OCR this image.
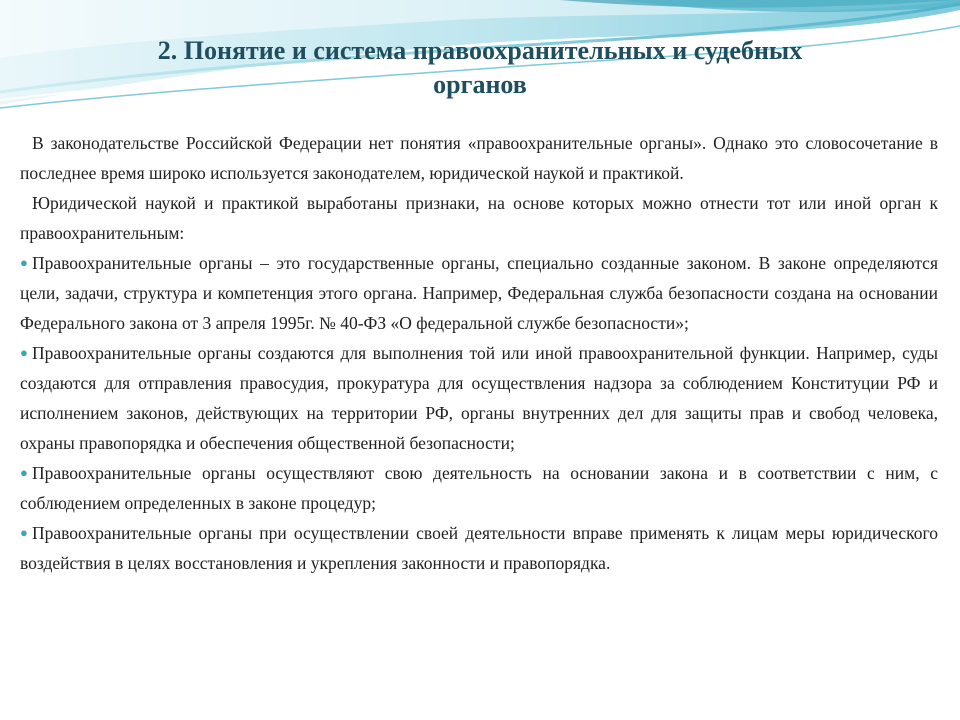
2. Понятие и система правоохранительных и судебных
органов

В законодательстве Российской Федерации нет понятия «правоохранительные органы». Однако это словосочетание в последнее время широко используется законодателем, юридической наукой и практикой.

Юридической наукой и практикой выработаны признаки, на основе которых можно отнести тот или иной орган к правоохранительным:

● Правоохранительные органы – это государственные органы, специально созданные законом. В законе определяются цели, задачи, структура и компетенция этого органа. Например, Федеральная служба безопасности создана на основании Федерального закона от 3 апреля 1995г. № 40-ФЗ «О федеральной службе безопасности»;

● Правоохранительные органы создаются для выполнения той или иной правоохранительной функции. Например, суды создаются для отправления правосудия, прокуратура для осуществления надзора за соблюдением Конституции РФ и исполнением законов, действующих на территории РФ, органы внутренних дел для защиты прав и свобод человека, охраны правопорядка и обеспечения общественной безопасности;

● Правоохранительные органы осуществляют свою деятельность на основании закона и в соответствии с ним, с соблюдением определенных в законе процедур;

● Правоохранительные органы при осуществлении своей деятельности вправе применять к лицам меры юридического воздействия в целях восстановления и укрепления законности и правопорядка.
